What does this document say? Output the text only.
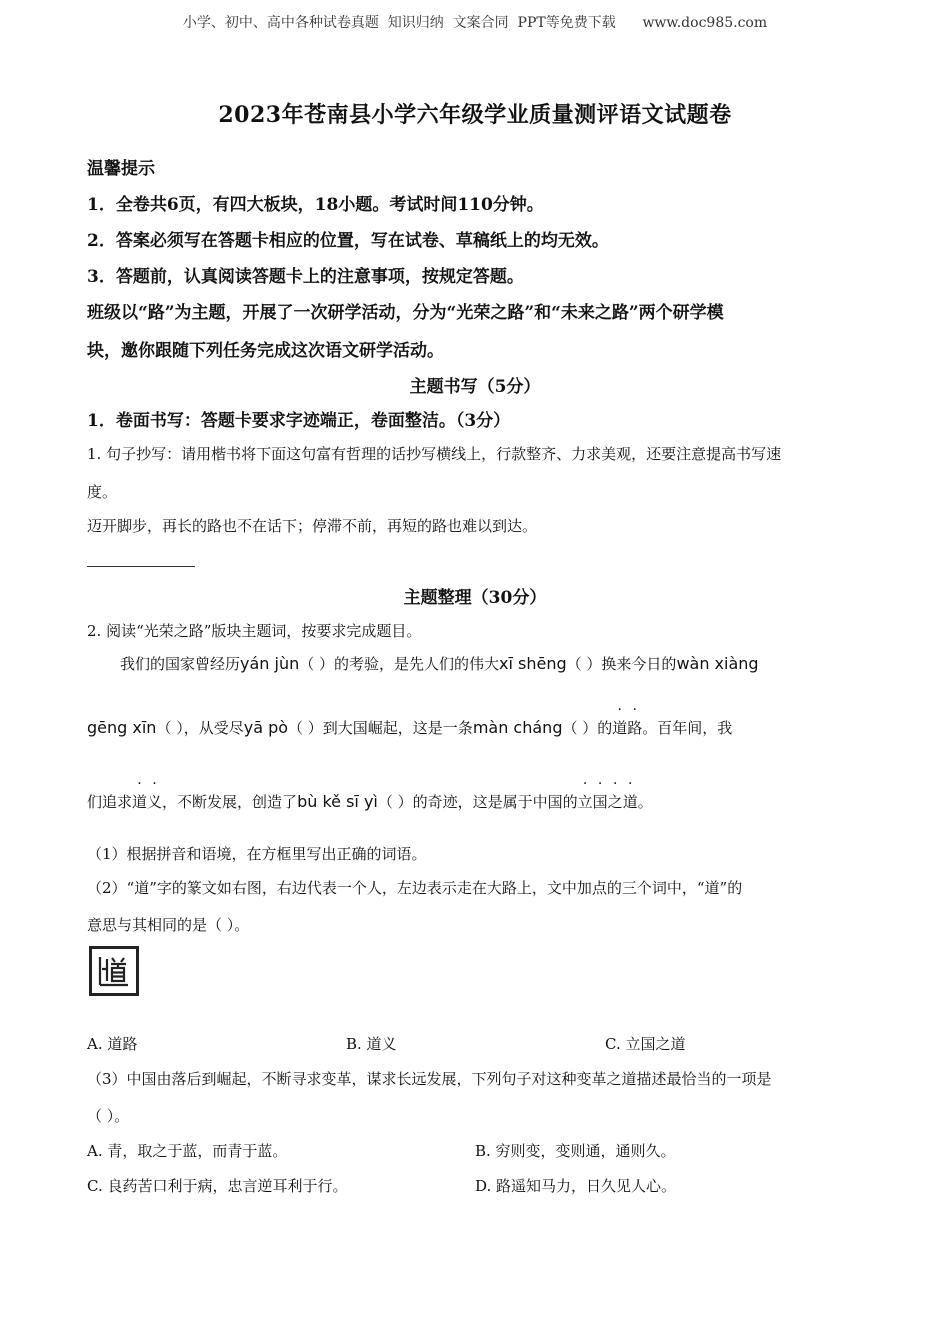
小学、初中、高中各种试卷真题  知识归纳  文案合同  PPT等免费下载      www.doc985.com
2023年苍南县小学六年级学业质量测评语文试题卷
温馨提示
1．全卷共6页，有四大板块，18小题。考试时间110分钟。
2．答案必须写在答题卡相应的位置，写在试卷、草稿纸上的均无效。
3．答题前，认真阅读答题卡上的注意事项，按规定答题。
班级以“路”为主题，开展了一次研学活动，分为“光荣之路”和“未来之路”两个研学模
块，邀你跟随下列任务完成这次语文研学活动。
主题书写（5分）
1．卷面书写：答题卡要求字迹端正，卷面整洁。（3分）
1. 句子抄写：请用楷书将下面这句富有哲理的话抄写横线上，行款整齐、力求美观，还要注意提高书写速
度。
迈开脚步，再长的路也不在话下；停滞不前，再短的路也难以到达。
主题整理（30分）
2. 阅读“光荣之路”版块主题词，按要求完成题目。
我们的国家曾经历yán jùn（ ）的考验，是先人们的伟大xī shēng（ ）换来今日的wàn xiàng
gēng xīn（ ），从受尽yā pò（ ）到大国崛起，这是一条màn cháng（ ）的道路。百年间，我
们追求道义，不断发展，创造了bù kě sī yì（ ）的奇迹，这是属于中国的立国之道。
（1）根据拼音和语境，在方框里写出正确的词语。
（2）“道”字的篆文如右图，右边代表一个人，左边表示走在大路上，文中加点的三个词中，“道”的
意思与其相同的是（ ）。
A. 道路	B. 道义	C. 立国之道
（3）中国由落后到崛起，不断寻求变革，谋求长远发展，下列句子对这种变革之道描述最恰当的一项是
（ ）。
A. 青，取之于蓝，而青于蓝。	B. 穷则变，变则通，通则久。
C. 良药苦口利于病，忠言逆耳利于行。	D. 路遥知马力，日久见人心。
